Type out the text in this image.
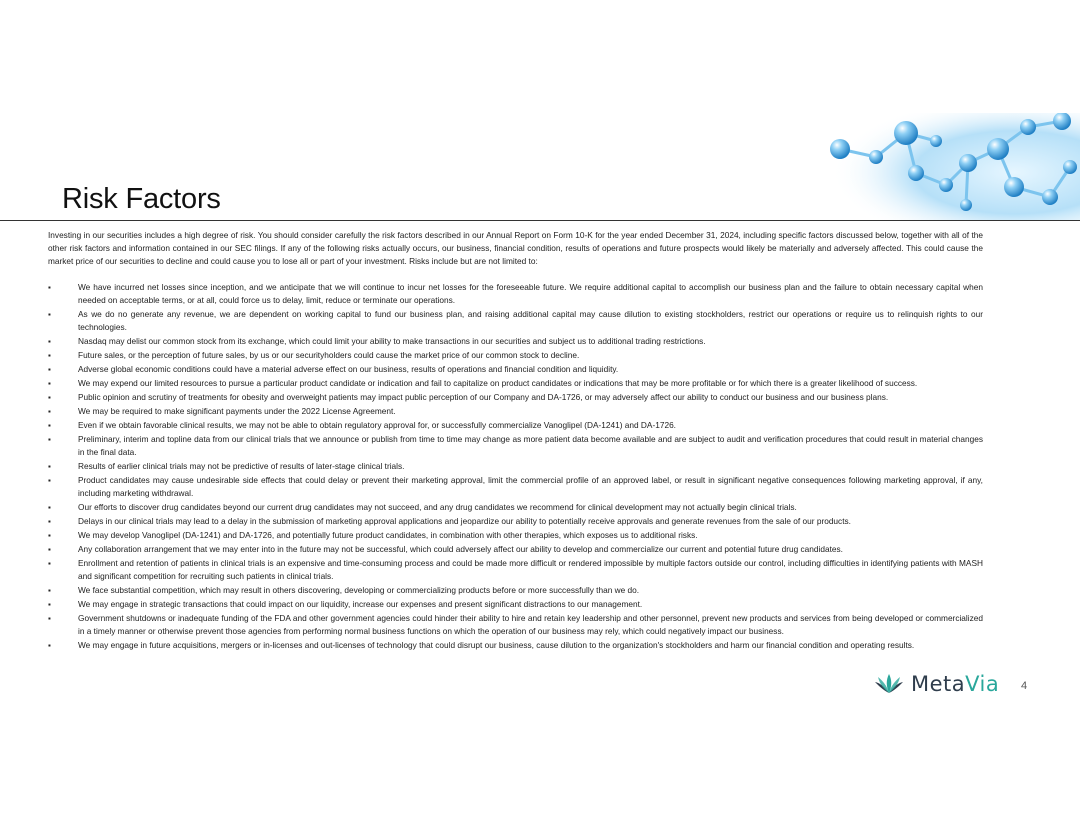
Risk Factors

Investing in our securities includes a high degree of risk. You should consider carefully the risk factors described in our Annual Report on Form 10-K for the year ended December 31, 2024, including specific factors discussed below, together with all of the other risk factors and information contained in our SEC filings. If any of the following risks actually occurs, our business, financial condition, results of operations and future prospects would likely be materially and adversely affected. This could cause the market price of our securities to decline and could cause you to lose all or part of your investment. Risks include but are not limited to:

▪	We have incurred net losses since inception, and we anticipate that we will continue to incur net losses for the foreseeable future. We require additional capital to accomplish our business plan and the failure to obtain necessary capital when needed on acceptable terms, or at all, could force us to delay, limit, reduce or terminate our operations.
▪	As we do no generate any revenue, we are dependent on working capital to fund our business plan, and raising additional capital may cause dilution to existing stockholders, restrict our operations or require us to relinquish rights to our technologies.
▪	Nasdaq may delist our common stock from its exchange, which could limit your ability to make transactions in our securities and subject us to additional trading restrictions.
▪	Future sales, or the perception of future sales, by us or our securityholders could cause the market price of our common stock to decline.
▪	Adverse global economic conditions could have a material adverse effect on our business, results of operations and financial condition and liquidity.
▪	We may expend our limited resources to pursue a particular product candidate or indication and fail to capitalize on product candidates or indications that may be more profitable or for which there is a greater likelihood of success.
▪	Public opinion and scrutiny of treatments for obesity and overweight patients may impact public perception of our Company and DA-1726, or may adversely affect our ability to conduct our business and our business plans.
▪	We may be required to make significant payments under the 2022 License Agreement.
▪	Even if we obtain favorable clinical results, we may not be able to obtain regulatory approval for, or successfully commercialize Vanoglipel (DA-1241) and DA-1726.
▪	Preliminary, interim and topline data from our clinical trials that we announce or publish from time to time may change as more patient data become available and are subject to audit and verification procedures that could result in material changes in the final data.
▪	Results of earlier clinical trials may not be predictive of results of later-stage clinical trials.
▪	Product candidates may cause undesirable side effects that could delay or prevent their marketing approval, limit the commercial profile of an approved label, or result in significant negative consequences following marketing approval, if any, including marketing withdrawal.
▪	Our efforts to discover drug candidates beyond our current drug candidates may not succeed, and any drug candidates we recommend for clinical development may not actually begin clinical trials.
▪	Delays in our clinical trials may lead to a delay in the submission of marketing approval applications and jeopardize our ability to potentially receive approvals and generate revenues from the sale of our products.
▪	We may develop Vanoglipel (DA-1241) and DA-1726, and potentially future product candidates, in combination with other therapies, which exposes us to additional risks.
▪	Any collaboration arrangement that we may enter into in the future may not be successful, which could adversely affect our ability to develop and commercialize our current and potential future drug candidates.
▪	Enrollment and retention of patients in clinical trials is an expensive and time-consuming process and could be made more difficult or rendered impossible by multiple factors outside our control, including difficulties in identifying patients with MASH and significant competition for recruiting such patients in clinical trials.
▪	We face substantial competition, which may result in others discovering, developing or commercializing products before or more successfully than we do.
▪	We may engage in strategic transactions that could impact on our liquidity, increase our expenses and present significant distractions to our management.
▪	Government shutdowns or inadequate funding of the FDA and other government agencies could hinder their ability to hire and retain key leadership and other personnel, prevent new products and services from being developed or commercialized in a timely manner or otherwise prevent those agencies from performing normal business functions on which the operation of our business may rely, which could negatively impact our business.
▪	We may engage in future acquisitions, mergers or in-licenses and out-licenses of technology that could disrupt our business, cause dilution to the organization's stockholders and harm our financial condition and operating results.
MetaVia 4
